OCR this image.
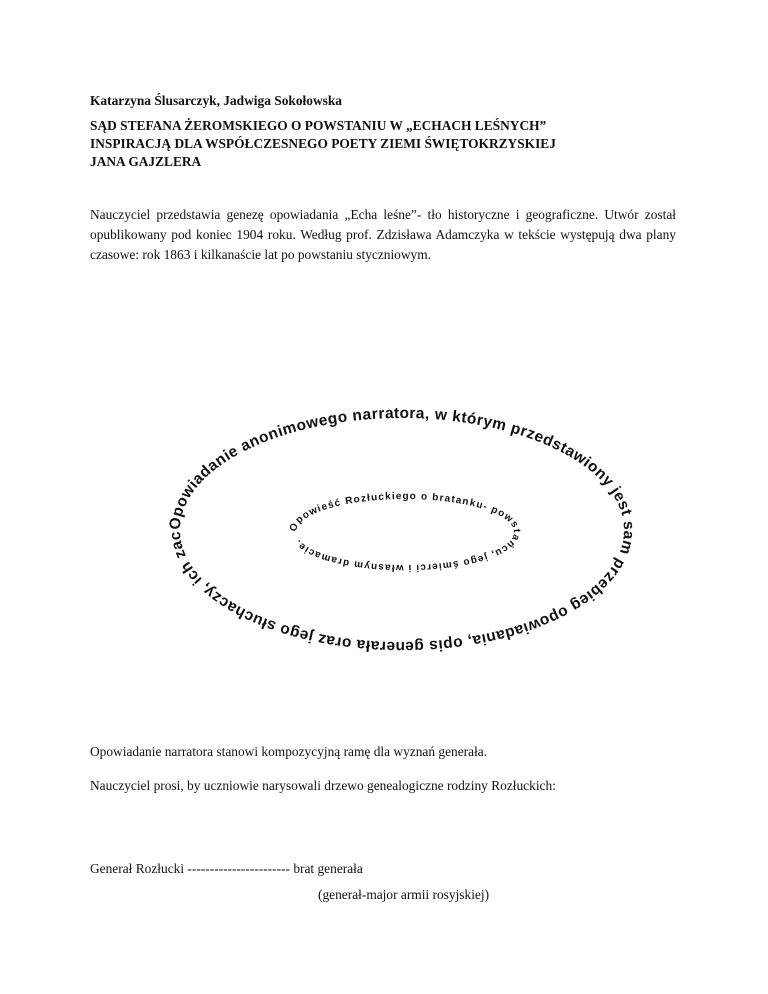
Katarzyna Ślusarczyk, Jadwiga Sokołowska
SĄD STEFANA ŻEROMSKIEGO O POWSTANIU W „ECHACH LEŚNYCH”
INSPIRACJĄ DLA WSPÓŁCZESNEGO POETY ZIEMI ŚWIĘTOKRZYSKIEJ
JANA GAJZLERA
Nauczyciel przedstawia genezę opowiadania „Echa leśne”- tło historyczne i geograficzne. Utwór został opublikowany pod koniec 1904 roku. Według prof. Zdzisława Adamczyka w tekście występują dwa plany czasowe: rok 1863 i kilkanaście lat po powstaniu styczniowym.
Opowiadanie anonimowego narratora, w którym przedstawiony jest sam przebieg opowiadania, opis generała oraz jego słuchaczy, ich zac
Opowieść Rozłuckiego o bratanku- powstańcu, jego śmierci i własnym dramacie.
Opowiadanie narratora stanowi kompozycyjną ramę dla wyznań generała.
Nauczyciel prosi, by uczniowie narysowali drzewo genealogiczne rodziny Rozłuckich:
Generał Rozłucki ----------------------- brat generała
(generał-major armii rosyjskiej)
